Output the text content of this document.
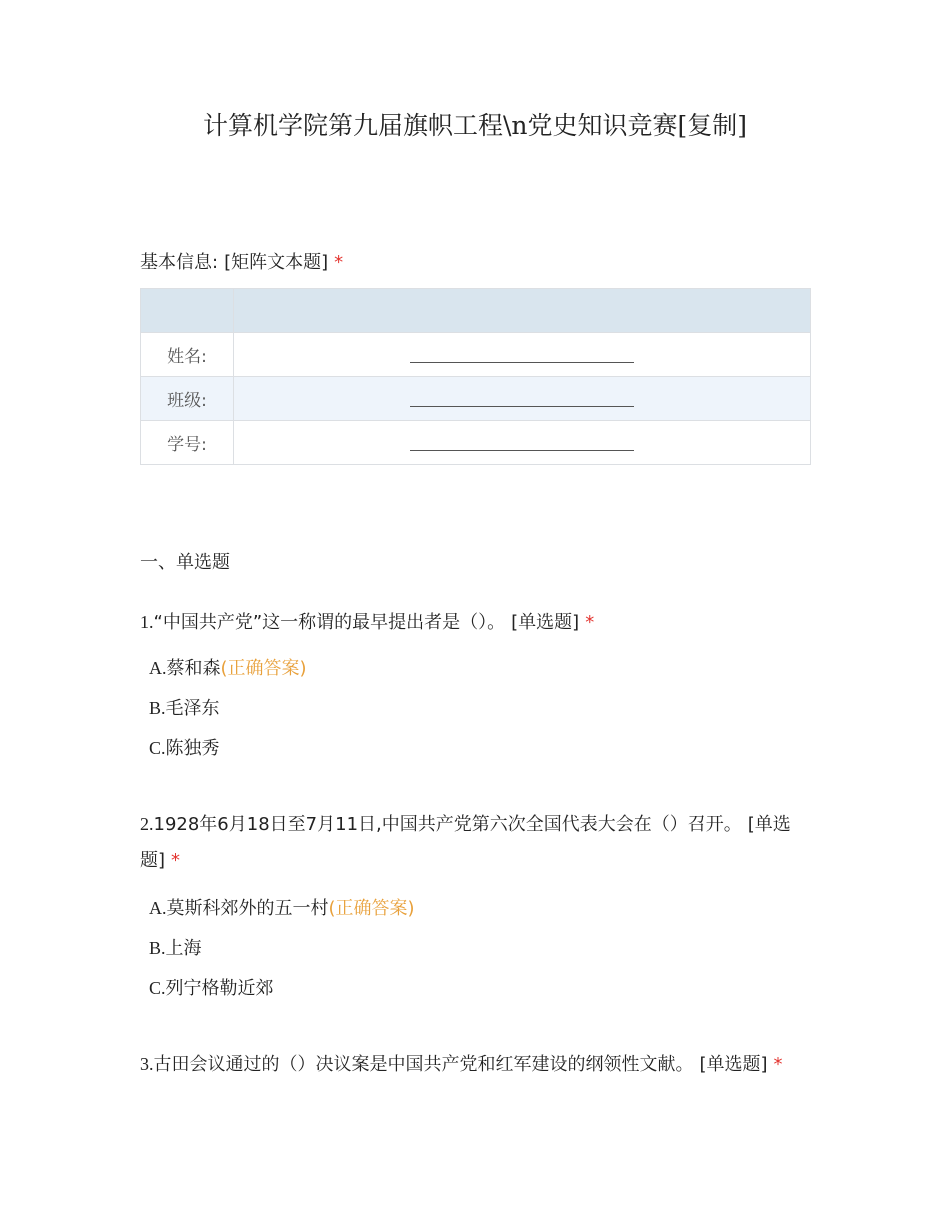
计算机学院第九届旗帜工程\n党史知识竞赛[复制]
基本信息: [矩阵文本题] *

姓名:	
班级:	
学号:	
一、单选题
1.“中国共产党”这一称谓的最早提出者是（）。 [单选题] *
A.蔡和森(正确答案)
B.毛泽东
C.陈独秀
2.1928年6月18日至7月11日,中国共产党第六次全国代表大会在（）召开。 [单选题] *
A.莫斯科郊外的五一村(正确答案)
B.上海
C.列宁格勒近郊
3.古田会议通过的（）决议案是中国共产党和红军建设的纲领性文献。 [单选题] *
